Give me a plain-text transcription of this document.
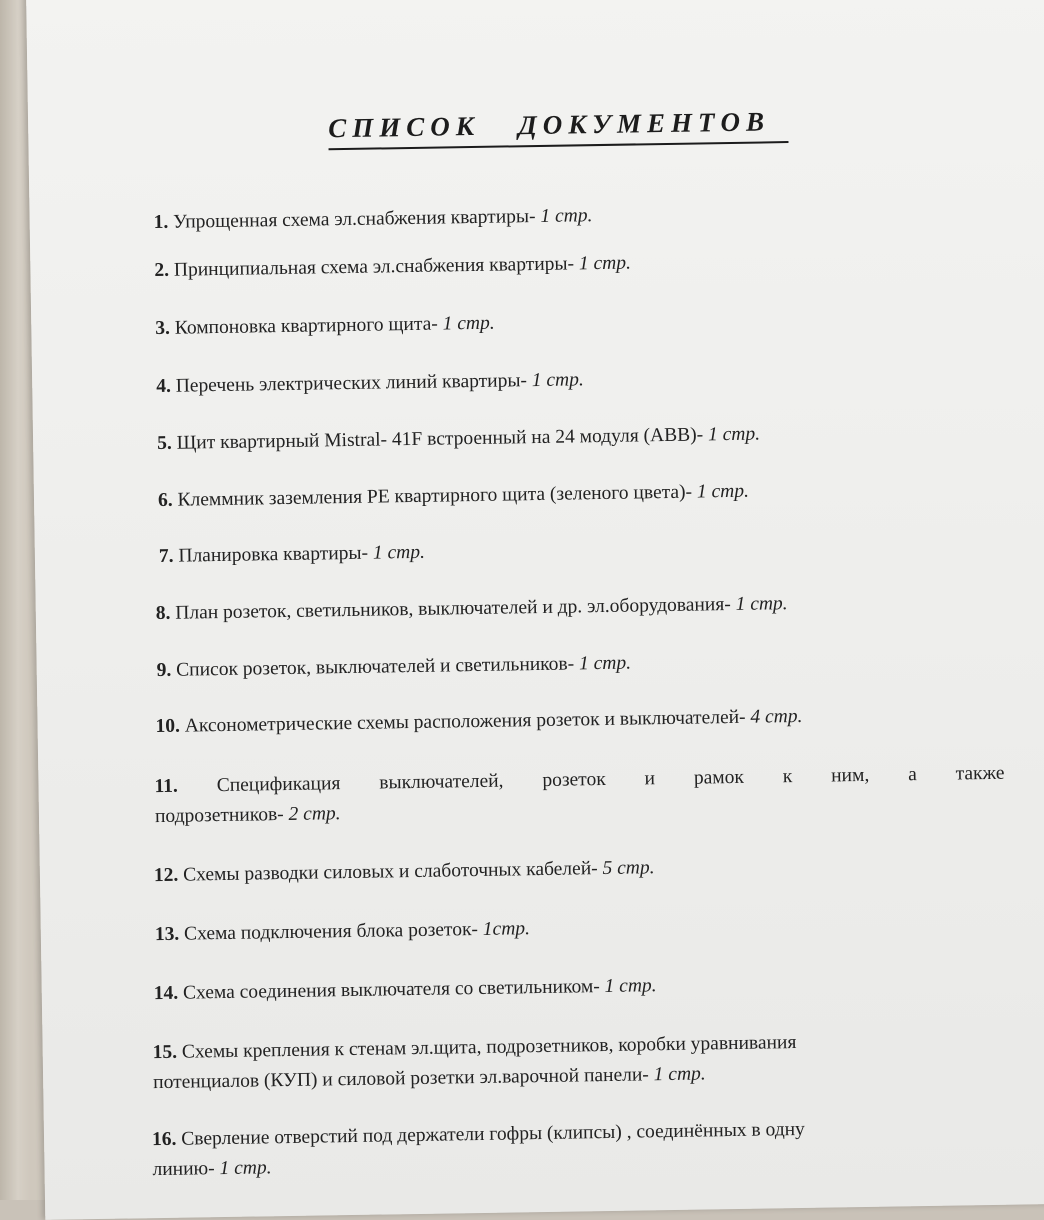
СПИСОК   ДОКУМЕНТОВ
1. Упрощенная схема эл.снабжения квартиры- 1 стр.
2. Принципиальная схема эл.снабжения квартиры- 1 стр.
3. Компоновка квартирного щита- 1 стр.
4. Перечень электрических линий квартиры- 1 стр.
5. Щит квартирный Mistral- 41F встроенный на 24 модуля (ABB)- 1 стр.
6. Клеммник заземления PE квартирного щита (зеленого цвета)- 1 стр.
7. Планировка квартиры- 1 стр.
8. План розеток, светильников, выключателей и др. эл.оборудования- 1 стр.
9. Список розеток, выключателей и светильников- 1 стр.
10. Аксонометрические схемы расположения розеток и выключателей- 4 стр.
11. Спецификация выключателей, розеток и рамок к ним, а также
подрозетников- 2 стр.
12. Схемы разводки силовых и слаботочных кабелей- 5 стр.
13. Схема подключения блока розеток- 1стр.
14. Схема соединения выключателя со светильником- 1 стр.
15. Схемы крепления к стенам эл.щита, подрозетников, коробки уравнивания
потенциалов (КУП) и силовой розетки эл.варочной панели- 1 стр.
16. Сверление отверстий под держатели гофры (клипсы) , соединённых в одну
линию- 1 стр.
